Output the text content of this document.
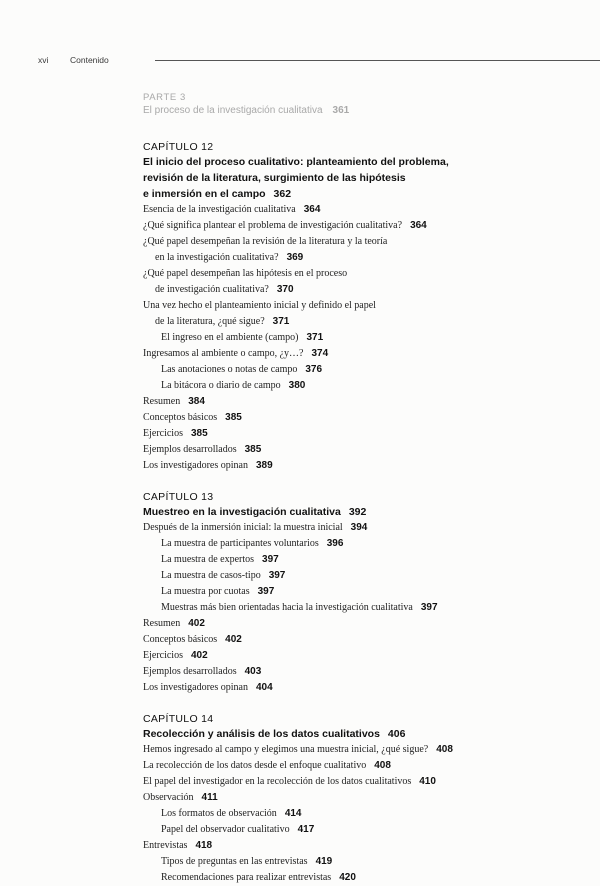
xvi	Contenido
PARTE 3
El proceso de la investigación cualitativa 361
CAPÍTULO 12
El inicio del proceso cualitativo: planteamiento del problema,
revisión de la literatura, surgimiento de las hipótesis
e inmersión en el campo 362
Esencia de la investigación cualitativa 364
¿Qué significa plantear el problema de investigación cualitativa? 364
¿Qué papel desempeñan la revisión de la literatura y la teoría
en la investigación cualitativa? 369
¿Qué papel desempeñan las hipótesis en el proceso
de investigación cualitativa? 370
Una vez hecho el planteamiento inicial y definido el papel
de la literatura, ¿qué sigue? 371
El ingreso en el ambiente (campo) 371
Ingresamos al ambiente o campo, ¿y…? 374
Las anotaciones o notas de campo 376
La bitácora o diario de campo 380
Resumen 384
Conceptos básicos 385
Ejercicios 385
Ejemplos desarrollados 385
Los investigadores opinan 389
CAPÍTULO 13
Muestreo en la investigación cualitativa 392
Después de la inmersión inicial: la muestra inicial 394
La muestra de participantes voluntarios 396
La muestra de expertos 397
La muestra de casos-tipo 397
La muestra por cuotas 397
Muestras más bien orientadas hacia la investigación cualitativa 397
Resumen 402
Conceptos básicos 402
Ejercicios 402
Ejemplos desarrollados 403
Los investigadores opinan 404
CAPÍTULO 14
Recolección y análisis de los datos cualitativos 406
Hemos ingresado al campo y elegimos una muestra inicial, ¿qué sigue? 408
La recolección de los datos desde el enfoque cualitativo 408
El papel del investigador en la recolección de los datos cualitativos 410
Observación 411
Los formatos de observación 414
Papel del observador cualitativo 417
Entrevistas 418
Tipos de preguntas en las entrevistas 419
Recomendaciones para realizar entrevistas 420
